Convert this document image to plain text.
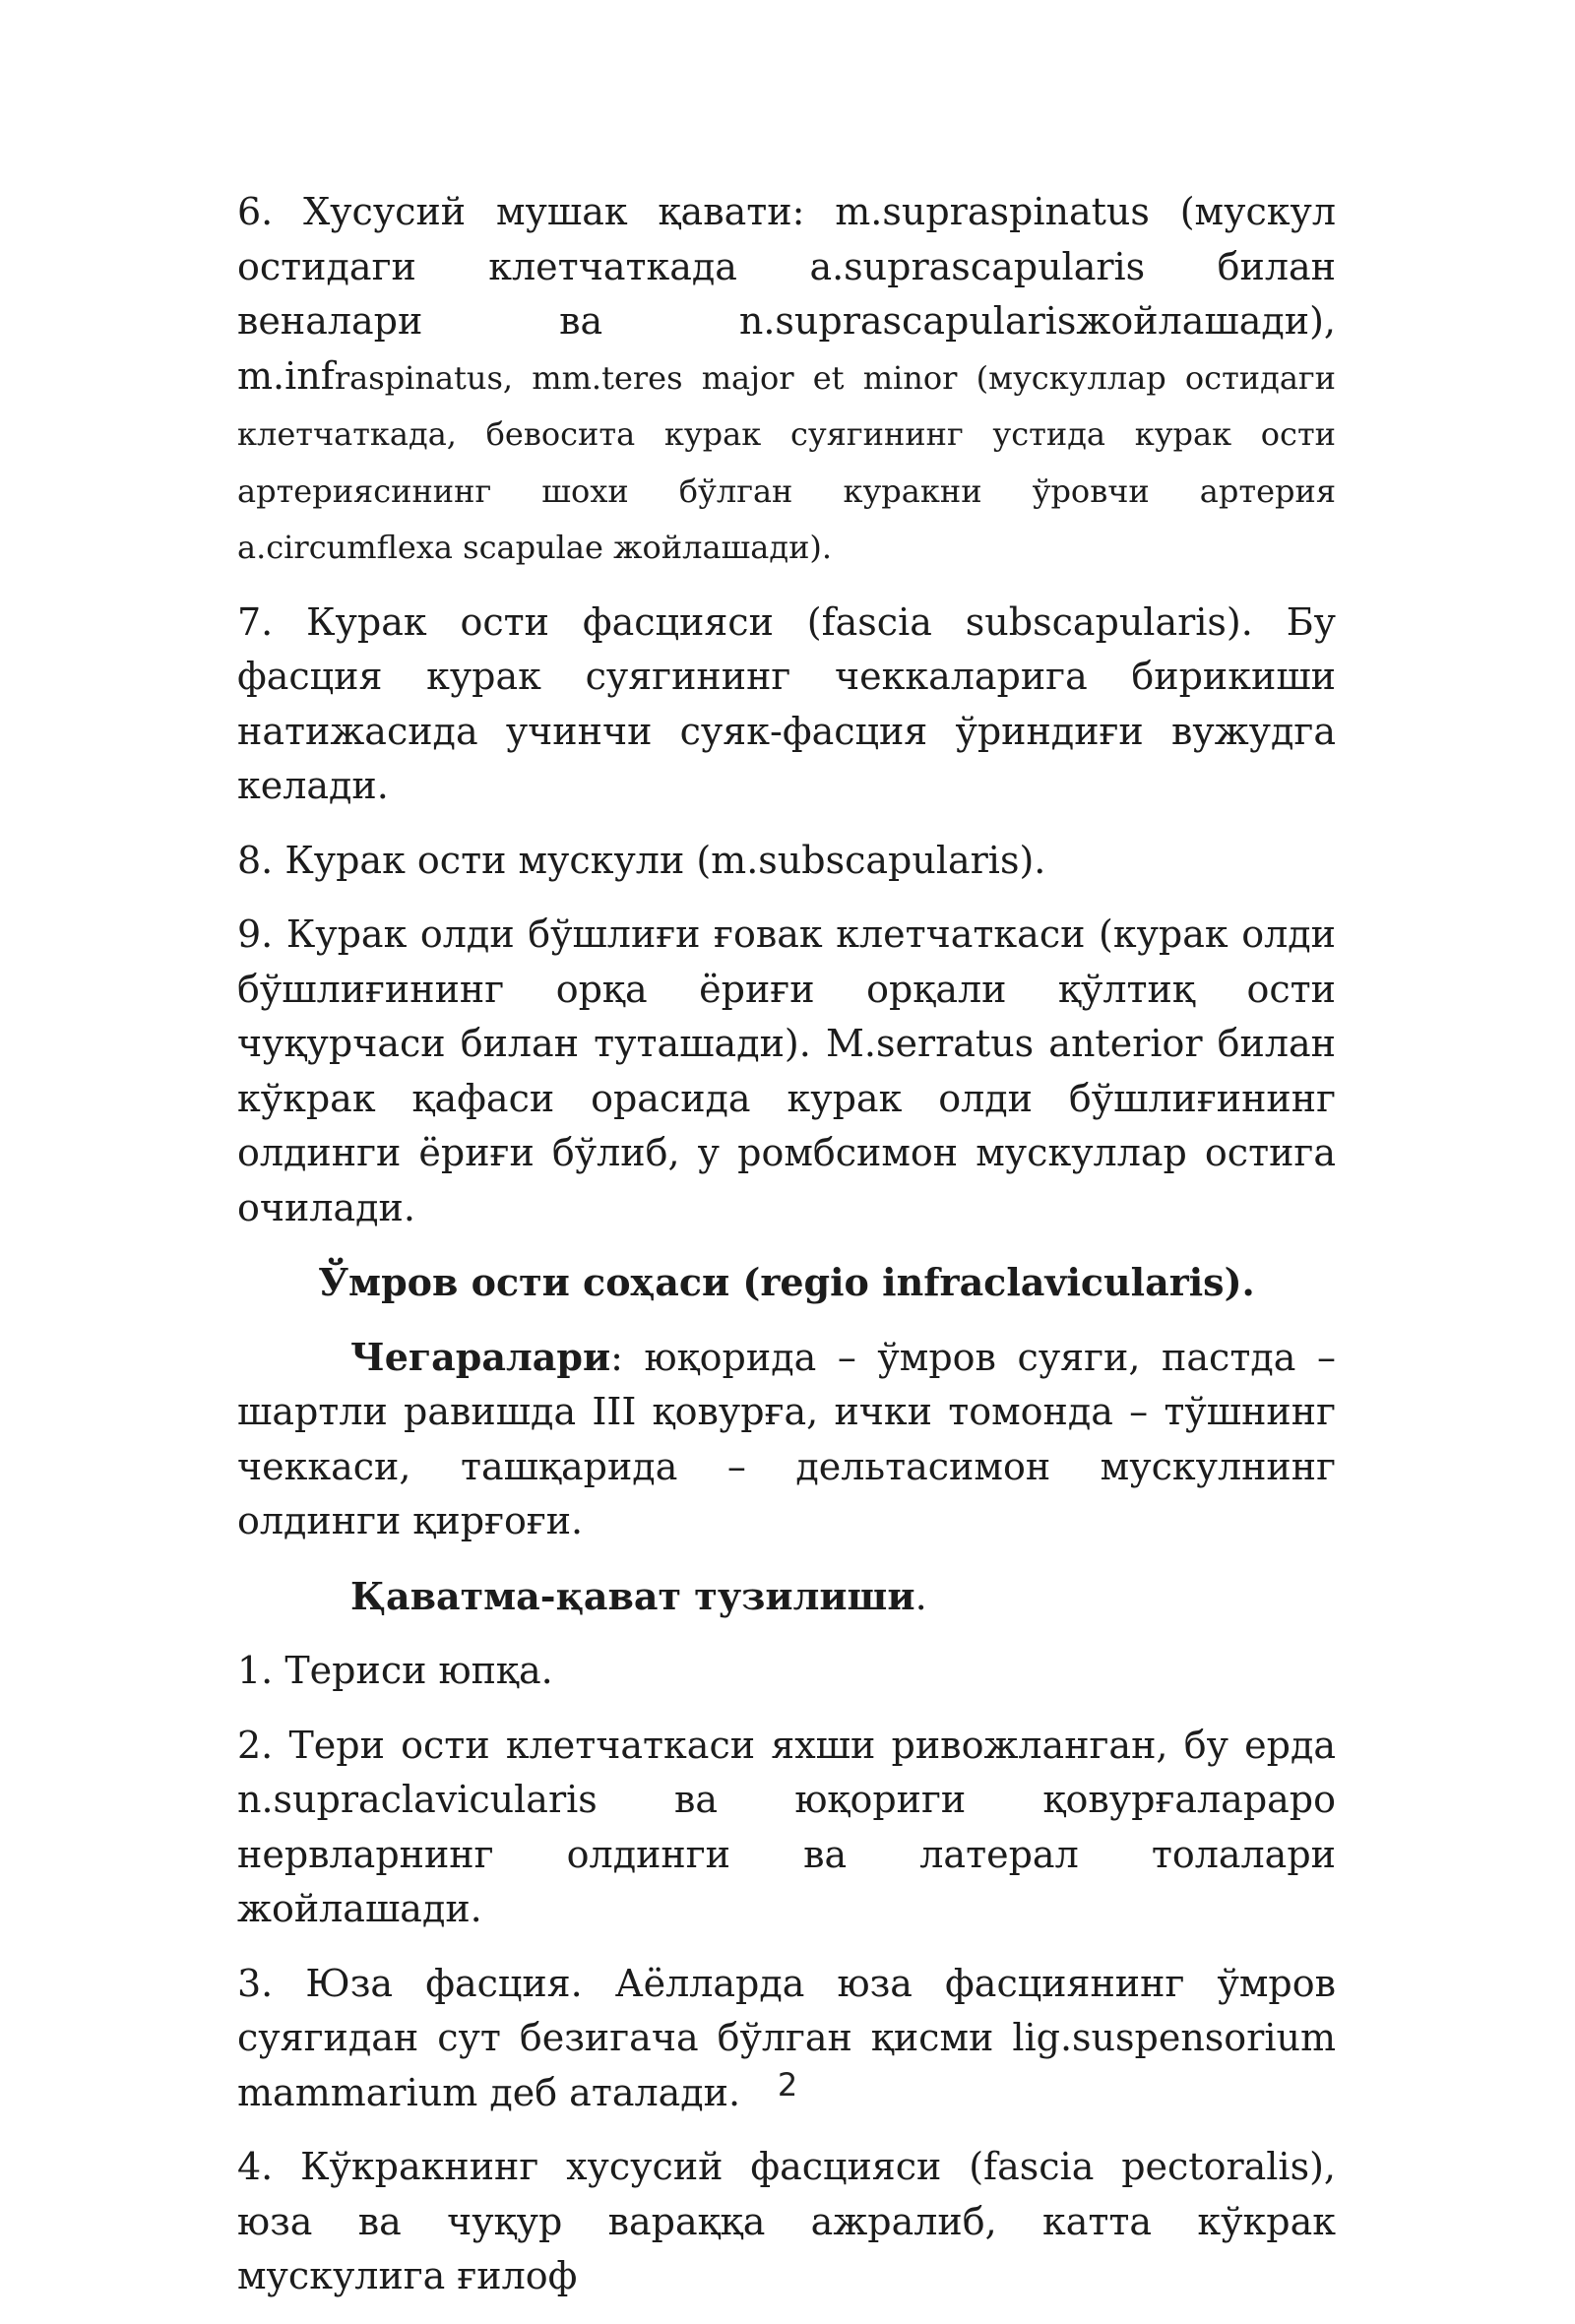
6. Хусусий мушак қавати: m.supraspinatus (мускул остидаги клетчаткада a.suprascapularis билан веналари ва n.suprascapularisжойлашади), m.infraspinatus, mm.teres major et minor (мускуллар остидаги клетчаткада, бевосита курак суягининг устида курак ости артериясининг шохи бўлган куракни ўровчи артерия a.circumflexa scapulae жойлашади).

7. Курак ости фасцияси (fascia subscapularis). Бу фасция курак суягининг чеккаларига бирикиши натижасида учинчи суяк-фасция ўриндиғи вужудга келади.

8. Курак ости мускули (m.subscapularis).

9. Курак олди бўшлиғи ғовак клетчаткаси (курак олди бўшлиғининг орқа ёриғи орқали қўлтиқ ости чуқурчаси билан туташади). M.serratus anterior билан кўкрак қафаси орасида курак олди бўшлиғининг олдинги ёриғи бўлиб, у ромбсимон мускуллар остига очилади.

Ўмров ости соҳаси (regio infraclavicularis).

Чегаралари: юқорида – ўмров суяги, пастда – шартли равишда III қовурға, ички томонда – тўшнинг чеккаси, ташқарида – дельтасимон мускулнинг олдинги қирғоғи.

Қаватма-қават тузилиши.

1. Териси юпқа.

2. Тери ости клетчаткаси яхши ривожланган, бу ерда n.supraclavicularis ва юқориги қовурғалараро нервларнинг олдинги ва латерал толалари жойлашади.

3. Юза фасция. Аёлларда юза фасциянинг ўмров суягидан сут безигача бўлган қисми lig.suspensorium mammarium деб аталади.

4. Кўкракнинг хусусий фасцияси (fascia pectoralis), юза ва чуқур вараққа ажралиб, катта кўкрак мускулига ғилоф

2
